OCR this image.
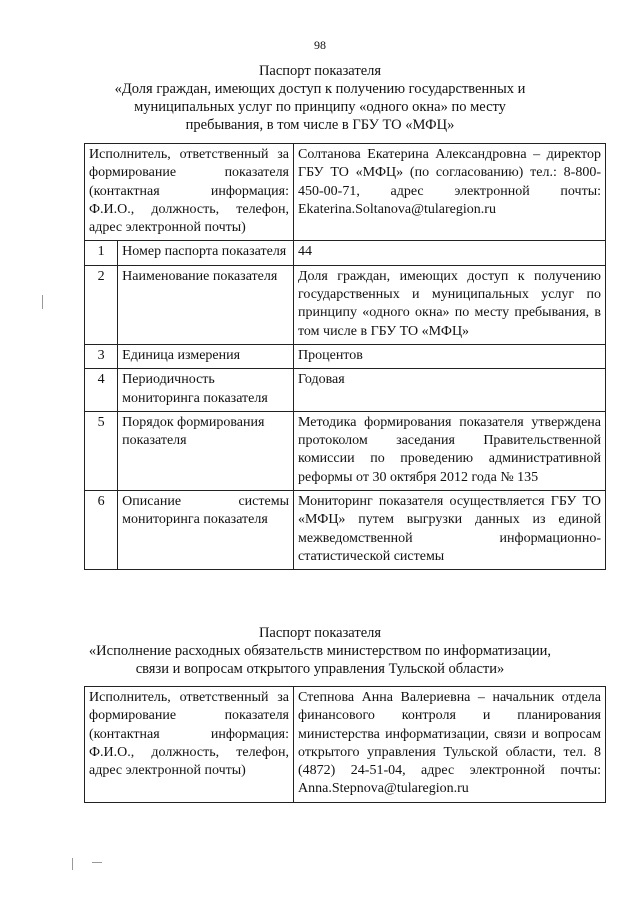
98
Паспорт показателя
«Доля граждан, имеющих доступ к получению государственных и муниципальных услуг по принципу «одного окна» по месту пребывания, в том числе в ГБУ ТО «МФЦ»
Исполнитель, ответственный за формирование показателя (контактная информация: Ф.И.О., должность, телефон, адрес электронной почты)		Солтанова Екатерина Александровна – директор ГБУ ТО «МФЦ» (по согласованию) тел.: 8-800-450-00-71, адрес электронной почты: Ekaterina.Soltanova@tularegion.ru
1	Номер паспорта показателя	44
2	Наименование показателя	Доля граждан, имеющих доступ к получению государственных и муниципальных услуг по принципу «одного окна» по месту пребывания, в том числе в ГБУ ТО «МФЦ»
3	Единица измерения	Процентов
4	Периодичность мониторинга показателя	Годовая
5	Порядок формирования показателя	Методика формирования показателя утверждена протоколом заседания Правительственной комиссии по проведению административной реформы от 30 октября 2012 года № 135
6	Описание системы мониторинга показателя	Мониторинг показателя осуществляется ГБУ ТО «МФЦ» путем выгрузки данных из единой межведомственной информационно-статистической системы
Паспорт показателя
«Исполнение расходных обязательств министерством по информатизации, связи и вопросам открытого управления Тульской области»
Исполнитель, ответственный за формирование показателя (контактная информация: Ф.И.О., должность, телефон, адрес электронной почты)	Степнова Анна Валериевна – начальник отдела финансового контроля и планирования министерства информатизации, связи и вопросам открытого управления Тульской области, тел. 8 (4872) 24-51-04, адрес электронной почты: Anna.Stepnova@tularegion.ru
